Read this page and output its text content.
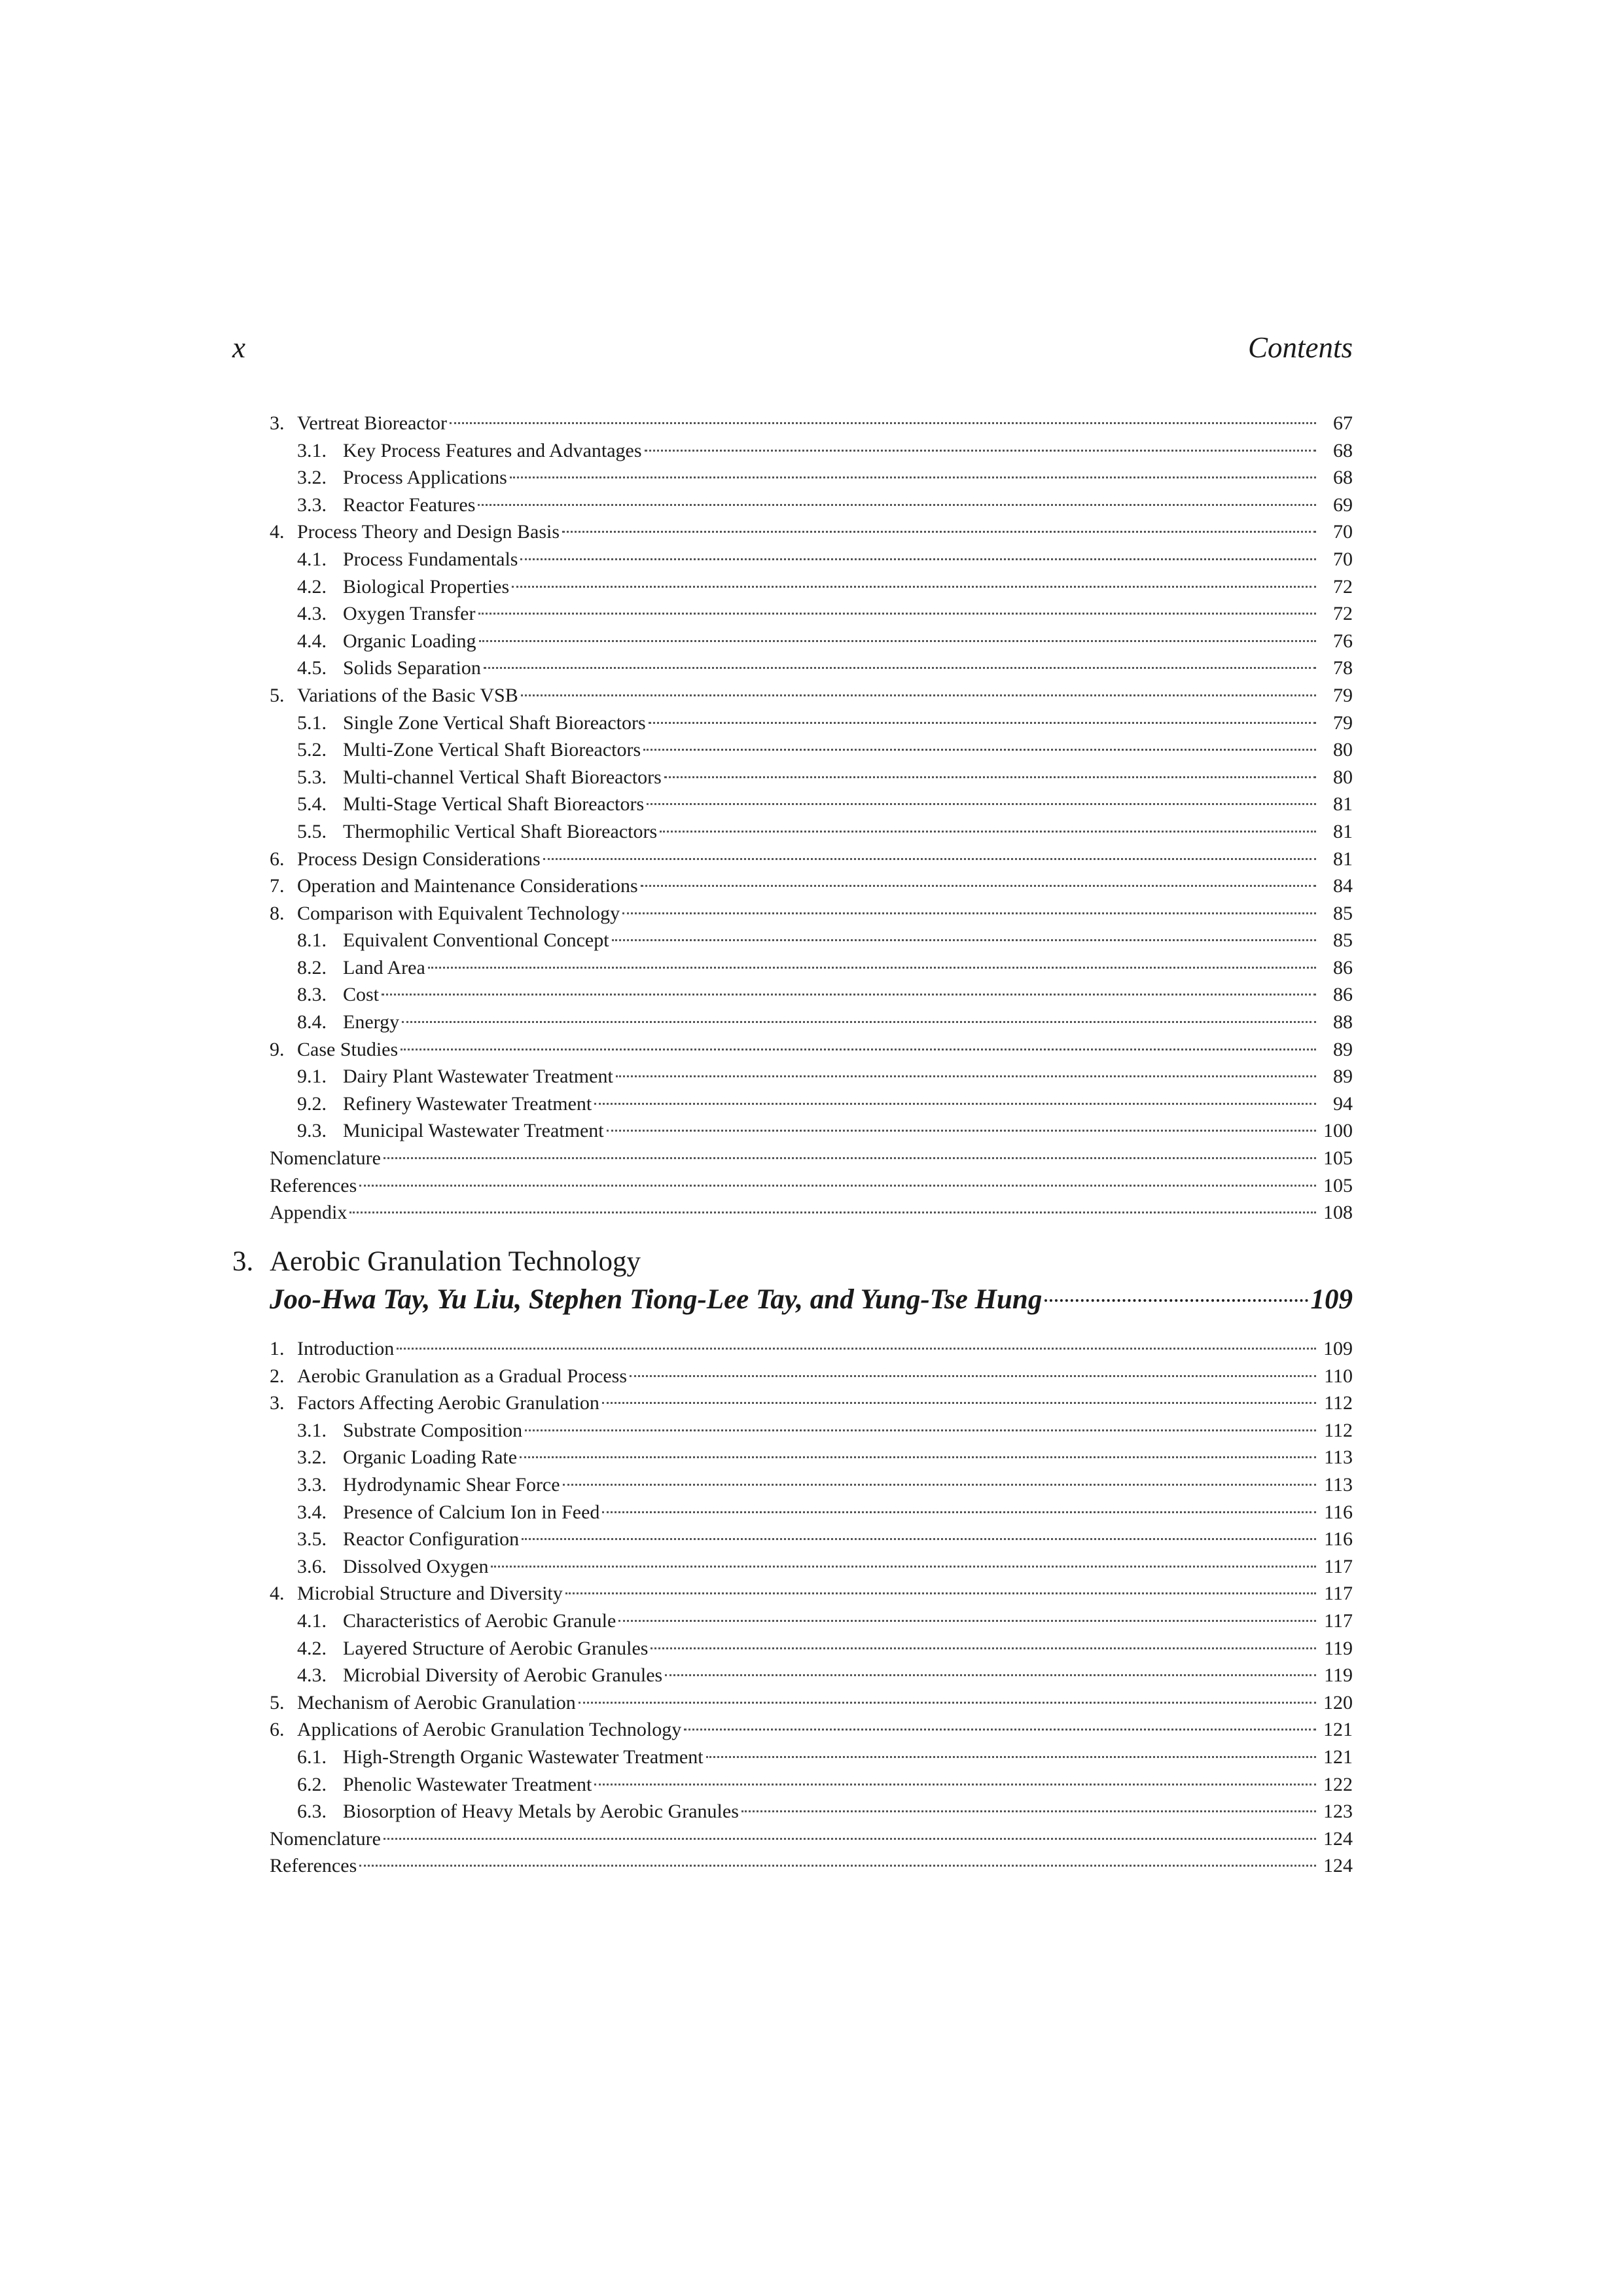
x	Contents
3. Vertreat Bioreactor	67
3.1. Key Process Features and Advantages	68
3.2. Process Applications	68
3.3. Reactor Features	69
4. Process Theory and Design Basis	70
4.1. Process Fundamentals	70
4.2. Biological Properties	72
4.3. Oxygen Transfer	72
4.4. Organic Loading	76
4.5. Solids Separation	78
5. Variations of the Basic VSB	79
5.1. Single Zone Vertical Shaft Bioreactors	79
5.2. Multi-Zone Vertical Shaft Bioreactors	80
5.3. Multi-channel Vertical Shaft Bioreactors	80
5.4. Multi-Stage Vertical Shaft Bioreactors	81
5.5. Thermophilic Vertical Shaft Bioreactors	81
6. Process Design Considerations	81
7. Operation and Maintenance Considerations	84
8. Comparison with Equivalent Technology	85
8.1. Equivalent Conventional Concept	85
8.2. Land Area	86
8.3. Cost	86
8.4. Energy	88
9. Case Studies	89
9.1. Dairy Plant Wastewater Treatment	89
9.2. Refinery Wastewater Treatment	94
9.3. Municipal Wastewater Treatment	100
Nomenclature	105
References	105
Appendix	108
3. Aerobic Granulation Technology
Joo-Hwa Tay, Yu Liu, Stephen Tiong-Lee Tay, and Yung-Tse Hung	109
1. Introduction	109
2. Aerobic Granulation as a Gradual Process	110
3. Factors Affecting Aerobic Granulation	112
3.1. Substrate Composition	112
3.2. Organic Loading Rate	113
3.3. Hydrodynamic Shear Force	113
3.4. Presence of Calcium Ion in Feed	116
3.5. Reactor Configuration	116
3.6. Dissolved Oxygen	117
4. Microbial Structure and Diversity	117
4.1. Characteristics of Aerobic Granule	117
4.2. Layered Structure of Aerobic Granules	119
4.3. Microbial Diversity of Aerobic Granules	119
5. Mechanism of Aerobic Granulation	120
6. Applications of Aerobic Granulation Technology	121
6.1. High-Strength Organic Wastewater Treatment	121
6.2. Phenolic Wastewater Treatment	122
6.3. Biosorption of Heavy Metals by Aerobic Granules	123
Nomenclature	124
References	124
